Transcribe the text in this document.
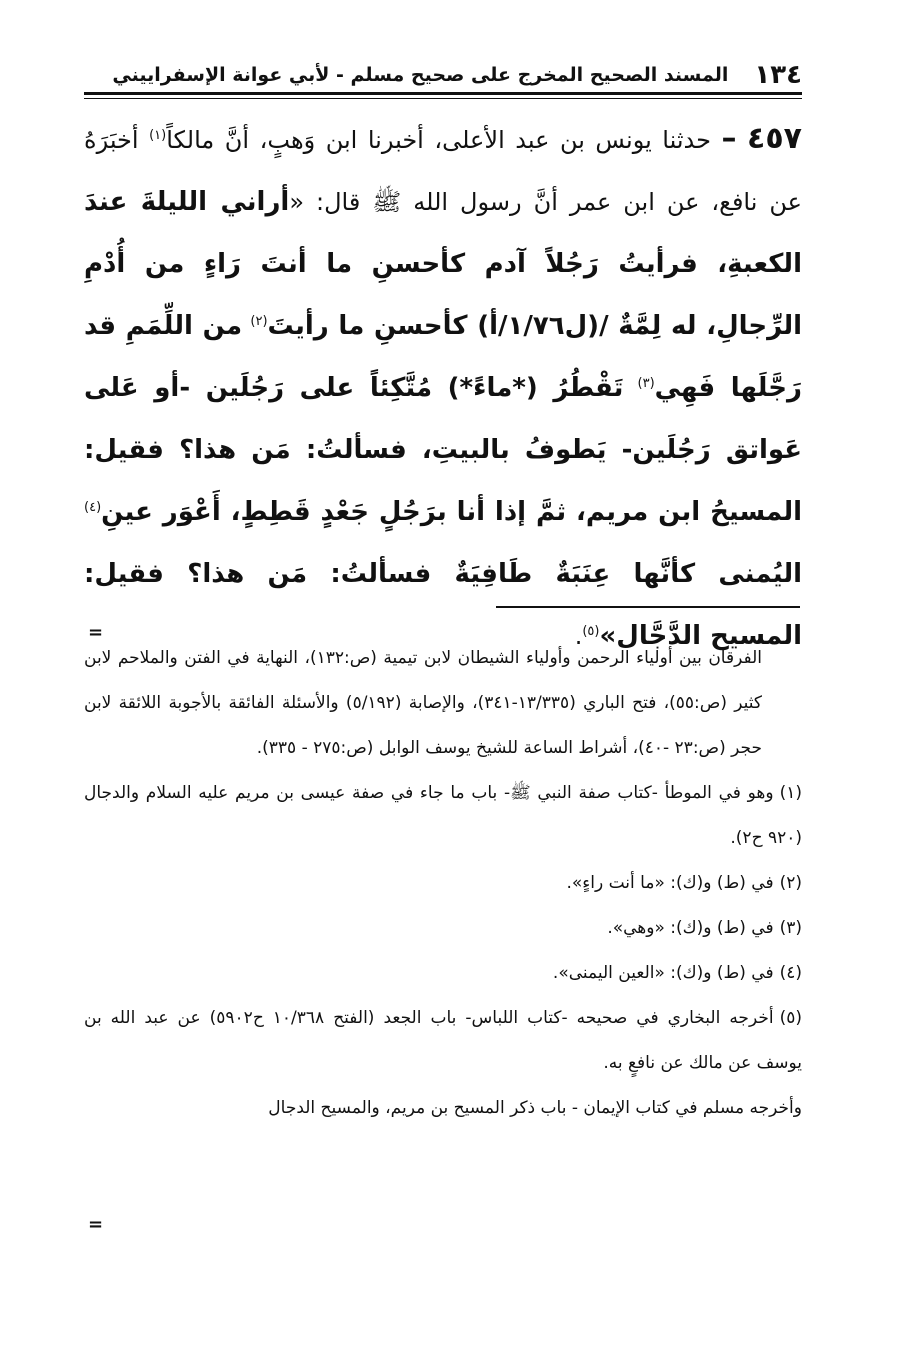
١٣٤
المسند الصحيح المخرج على صحيح مسلم - لأبي عوانة الإسفراييني
٤٥٧ – حدثنا يونس بن عبد الأعلى، أخبرنا ابن وَهبٍ، أنَّ مالكاً$^{(١)}$ أخبَرَهُ عن نافع، عن ابن عمر أنَّ رسول الله ﷺ قال: «أراني الليلةَ عندَ الكعبةِ، فرأيتُ رَجُلاً آدم كأحسنِ ما أنتَ رَاءٍ من أُدْمِ الرِّجالِ، له لِمَّةٌ /(ل١/٧٦/أ) كأحسنِ ما رأيتَ$^{(٢)}$ من اللِّمَمِ قد رَجَّلَها فَهِي$^{(٣)}$ تَقْطُرُ (*ماءً*) مُتَّكِئاً على رَجُلَين -أو عَلى عَواتق رَجُلَين- يَطوفُ بالبيتِ، فسألتُ: مَن هذا؟ فقيل: المسيحُ ابن مريم، ثمَّ إذا أنا برَجُلٍ جَعْدٍ قَطِطٍ، أَعْوَر عينِ$^{(٤)}$ اليُمنى كأنَّها عِنَبَةٌ طَافِيَةٌ فسألتُ: مَن هذا؟ فقيل: المسيح الدَّجَّال»$^{(٥)}$.
=
الفرقان بين أولياء الرحمن وأولياء الشيطان لابن تيمية (ص:١٣٢)، النهاية في الفتن والملاحم لابن كثير (ص:٥٥)، فتح الباري (١٣/٣٣٥-٣٤١)، والإصابة (٥/١٩٢) والأسئلة الفائقة بالأجوبة اللائقة لابن حجر (ص:٢٣ -٤٠)، أشراط الساعة للشيخ يوسف الوابل (ص:٢٧٥ - ٣٣٥).
(١)وهو في الموطأ -كتاب صفة النبي ﷺ- باب ما جاء في صفة عيسى بن مريم عليه السلام والدجال (٩٢٠ ح٢).
(٢)في (ط) و(ك): «ما أنت راءٍ».
(٣)في (ط) و(ك): «وهي».
(٤)في (ط) و(ك): «العين اليمنى».
(٥)أخرجه البخاري في صحيحه -كتاب اللباس- باب الجعد (الفتح ١٠/٣٦٨ ح٥٩٠٢) عن عبد الله بن يوسف عن مالك عن نافعٍ به.
وأخرجه مسلم في كتاب الإيمان - باب ذكر المسيح بن مريم، والمسيح الدجال
=
